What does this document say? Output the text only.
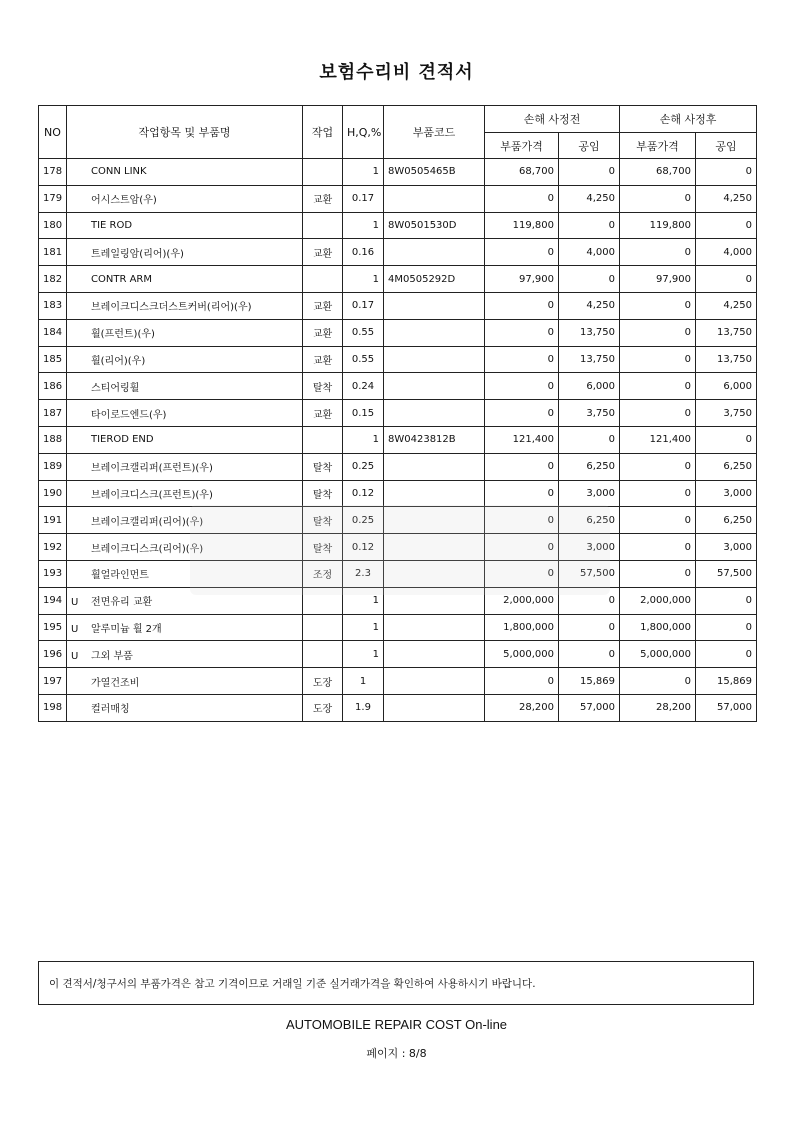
보험수리비 견적서
NO	작업항목 및 부품명	작업	H,Q,%	부품코드	손해 사정전		손해 사정후	
					부품가격	공임	부품가격	공임
178	CONN LINK		1	8W0505465B	68,700	0	68,700	0
179	어시스트암(우)	교환	0.17		0	4,250	0	4,250
180	TIE ROD		1	8W0501530D	119,800	0	119,800	0
181	트레일링암(리어)(우)	교환	0.16		0	4,000	0	4,000
182	CONTR ARM		1	4M0505292D	97,900	0	97,900	0
183	브레이크디스크더스트커버(리어)(우)	교환	0.17		0	4,250	0	4,250
184	휠(프런트)(우)	교환	0.55		0	13,750	0	13,750
185	휠(리어)(우)	교환	0.55		0	13,750	0	13,750
186	스티어링휠	탈착	0.24		0	6,000	0	6,000
187	타이로드엔드(우)	교환	0.15		0	3,750	0	3,750
188	TIEROD END		1	8W0423812B	121,400	0	121,400	0
189	브레이크캘리퍼(프런트)(우)	탈착	0.25		0	6,250	0	6,250
190	브레이크디스크(프런트)(우)	탈착	0.12		0	3,000	0	3,000
191	브레이크캘리퍼(리어)(우)	탈착	0.25		0	6,250	0	6,250
192	브레이크디스크(리어)(우)	탈착	0.12		0	3,000	0	3,000
193	휠얼라인먼트	조정	2.3		0	57,500	0	57,500
194	U 전면유리 교환		1		2,000,000	0	2,000,000	0
195	U 알루미늄 휠 2개		1		1,800,000	0	1,800,000	0
196	U 그외 부품		1		5,000,000	0	5,000,000	0
197	가열건조비	도장	1		0	15,869	0	15,869
198	컬러매칭	도장	1.9		28,200	57,000	28,200	57,000
이 견적서/청구서의 부품가격은 참고 기격이므로 거래일 기준 실거래가격을 확인하여 사용하시기 바랍니다.
AUTOMOBILE REPAIR COST On-line
페이지 : 8/8
